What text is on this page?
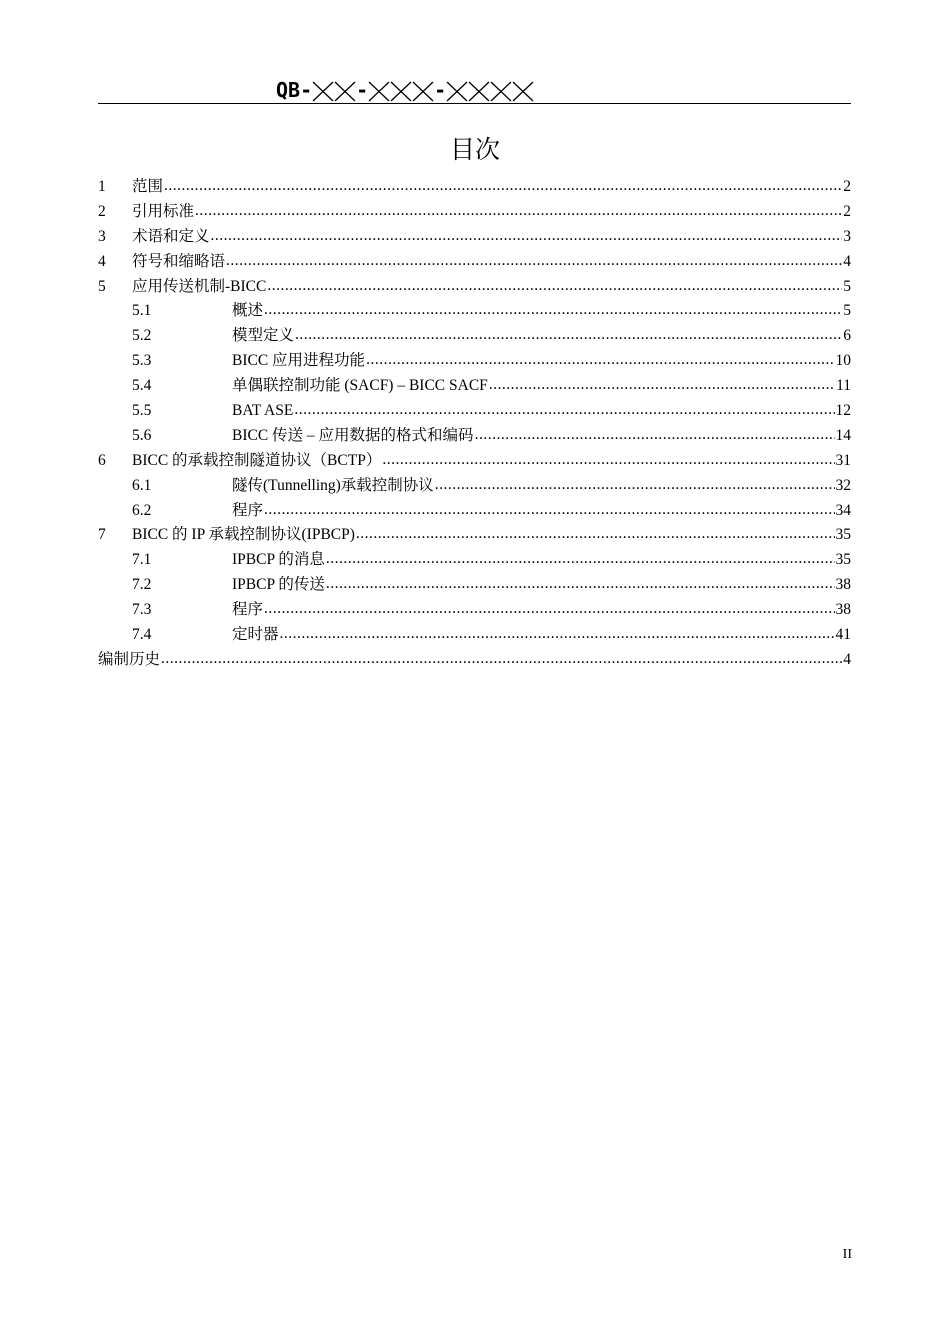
QB- -	-
目次
1	范围 .....	2
2	引用标准 .....	2
3	术语和定义 .....	3
4	符号和缩略语 .....	4
5	应用传送机制-BICC .....	5
5.1	概述 .....	5
5.2	模型定义 .....	6
5.3	BICC 应用进程功能 .....	10
5.4	单偶联控制功能 (SACF) – BICC SACF .....	11
5.5	BAT ASE .....	12
5.6	BICC 传送 – 应用数据的格式和编码 .....	14
6	BICC 的承载控制隧道协议（BCTP） .....	31
6.1	隧传(Tunnelling)承载控制协议 .....	32
6.2	程序 .....	34
7	BICC 的 IP 承载控制协议(IPBCP) .....	35
7.1	IPBCP 的消息 .....	35
7.2	IPBCP 的传送 .....	38
7.3	程序 .....	38
7.4	定时器 .....	41
编制历史 .....	4
II
